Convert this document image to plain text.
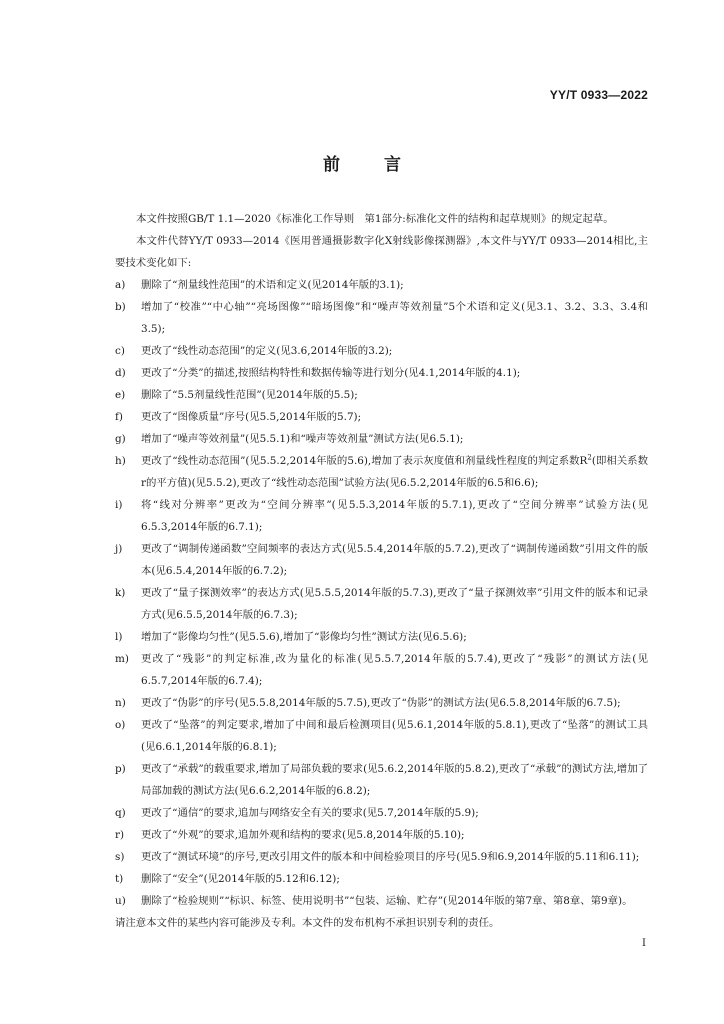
YY/T 0933—2022
前言

本文件按照GB/T 1.1—2020《标准化工作导则　第1部分:标准化文件的结构和起草规则》的规定起草。

本文件代替YY/T 0933—2014《医用普通摄影数字化X射线影像探测器》,本文件与YY/T 0933—2014相比,主要技术变化如下:

a) 删除了“剂量线性范围”的术语和定义(见2014年版的3.1);
b) 增加了“校准”“中心轴”“亮场图像”“暗场图像”和“噪声等效剂量”5个术语和定义(见3.1、3.2、3.3、3.4和3.5);
c) 更改了“线性动态范围”的定义(见3.6,2014年版的3.2);
d) 更改了“分类”的描述,按照结构特性和数据传输等进行划分(见4.1,2014年版的4.1);
e) 删除了“5.5剂量线性范围”(见2014年版的5.5);
f) 更改了“图像质量”序号(见5.5,2014年版的5.7);
g) 增加了“噪声等效剂量”(见5.5.1)和“噪声等效剂量”测试方法(见6.5.1);
h) 更改了“线性动态范围”(见5.5.2,2014年版的5.6),增加了表示灰度值和剂量线性程度的判定系数$R^2$(即相关系数r的平方值)(见5.5.2),更改了“线性动态范围”试验方法(见6.5.2,2014年版的6.5和6.6);
i) 将“线对分辨率”更改为“空间分辨率”(见5.5.3,2014年版的5.7.1),更改了“空间分辨率”试验方法(见6.5.3,2014年版的6.7.1);
j) 更改了“调制传递函数”空间频率的表达方式(见5.5.4,2014年版的5.7.2),更改了“调制传递函数”引用文件的版本(见6.5.4,2014年版的6.7.2);
k) 更改了“量子探测效率”的表达方式(见5.5.5,2014年版的5.7.3),更改了“量子探测效率”引用文件的版本和记录方式(见6.5.5,2014年版的6.7.3);
l) 增加了“影像均匀性”(见5.5.6),增加了“影像均匀性”测试方法(见6.5.6);
m) 更改了“残影”的判定标准,改为量化的标准(见5.5.7,2014年版的5.7.4),更改了“残影”的测试方法(见6.5.7,2014年版的6.7.4);
n) 更改了“伪影”的序号(见5.5.8,2014年版的5.7.5),更改了“伪影”的测试方法(见6.5.8,2014年版的6.7.5);
o) 更改了“坠落”的判定要求,增加了中间和最后检测项目(见5.6.1,2014年版的5.8.1),更改了“坠落”的测试工具(见6.6.1,2014年版的6.8.1);
p) 更改了“承载”的载重要求,增加了局部负载的要求(见5.6.2,2014年版的5.8.2),更改了“承载”的测试方法,增加了局部加载的测试方法(见6.6.2,2014年版的6.8.2);
q) 更改了“通信”的要求,追加与网络安全有关的要求(见5.7,2014年版的5.9);
r) 更改了“外观”的要求,追加外观和结构的要求(见5.8,2014年版的5.10);
s) 更改了“测试环境”的序号,更改引用文件的版本和中间检验项目的序号(见5.9和6.9,2014年版的5.11和6.11);
t) 删除了“安全”(见2014年版的5.12和6.12);
u) 删除了“检验规则”“标识、标签、使用说明书”“包装、运输、贮存”(见2014年版的第7章、第8章、第9章)。

请注意本文件的某些内容可能涉及专利。本文件的发布机构不承担识别专利的责任。

I
